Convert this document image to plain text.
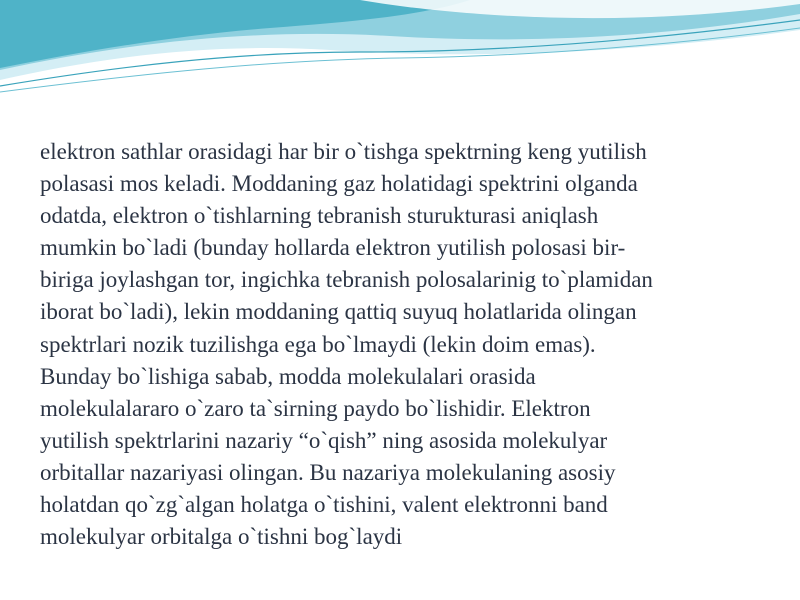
elektron sathlar orasidagi har bir o`tishga spektrning keng yutilish
polasasi mos keladi. Moddaning gaz holatidagi spektrini olganda
odatda, elektron o`tishlarning tebranish sturukturasi aniqlash
mumkin bo`ladi (bunday hollarda elektron yutilish polosasi bir-
biriga joylashgan tor, ingichka tebranish polosalarinig to`plamidan
iborat bo`ladi), lekin moddaning qattiq suyuq holatlarida olingan
spektrlari nozik tuzilishga ega bo`lmaydi (lekin doim emas).
Bunday bo`lishiga sabab, modda molekulalari orasida
molekulalararo o`zaro ta`sirning paydo bo`lishidir. Elektron
yutilish spektrlarini nazariy “o`qish” ning asosida molekulyar
orbitallar nazariyasi olingan. Bu nazariya molekulaning asosiy
holatdan qo`zg`algan holatga o`tishini, valent elektronni band
molekulyar orbitalga o`tishni bog`laydi
